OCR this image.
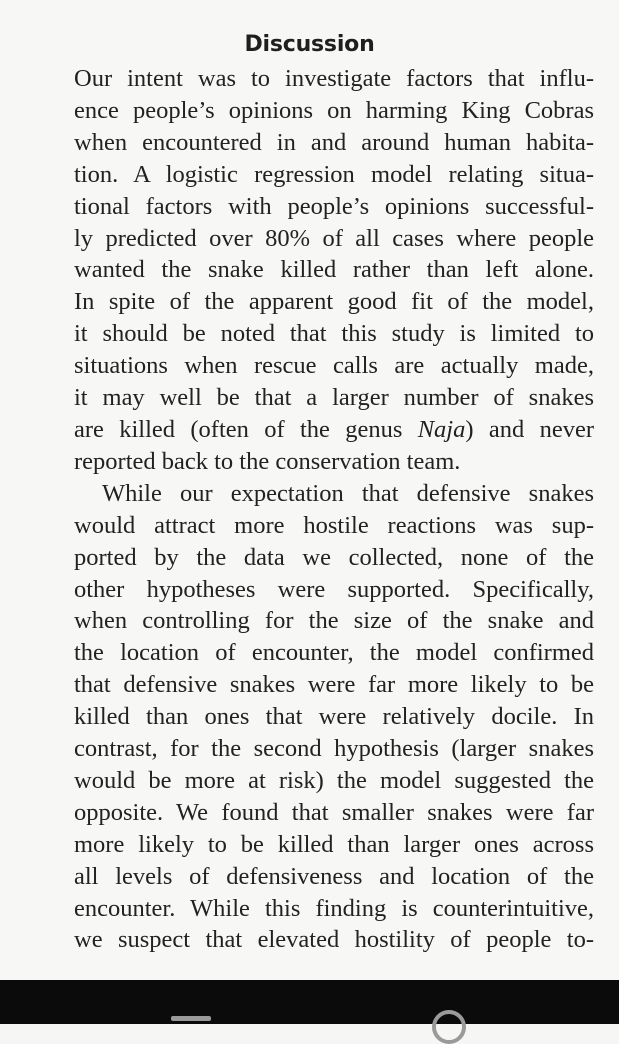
Discussion
Our intent was to investigate factors that influ-
ence people’s opinions on harming King Cobras
when encountered in and around human habita-
tion. A logistic regression model relating situa-
tional factors with people’s opinions successful-
ly predicted over 80% of all cases where people
wanted the snake killed rather than left alone.
In spite of the apparent good fit of the model,
it should be noted that this study is limited to
situations when rescue calls are actually made,
it may well be that a larger number of snakes
are killed (often of the genus Naja) and never
reported back to the conservation team.
While our expectation that defensive snakes
would attract more hostile reactions was sup-
ported by the data we collected, none of the
other hypotheses were supported. Specifically,
when controlling for the size of the snake and
the location of encounter, the model confirmed
that defensive snakes were far more likely to be
killed than ones that were relatively docile. In
contrast, for the second hypothesis (larger snakes
would be more at risk) the model suggested the
opposite. We found that smaller snakes were far
more likely to be killed than larger ones across
all levels of defensiveness and location of the
encounter. While this finding is counterintuitive,
we suspect that elevated hostility of people to-
